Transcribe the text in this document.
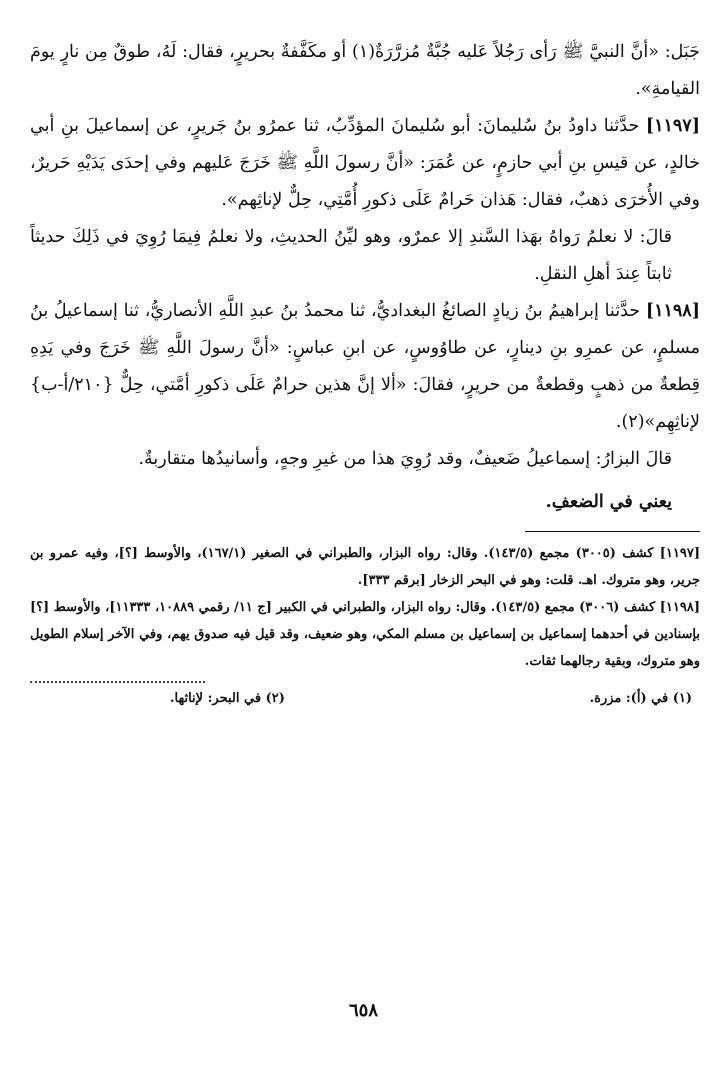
جَبَل: «أنَّ النبيَّ ﷺ رَأى رَجُلاً عَليه جُبَّةٌ مُزرَّرَةٌ(١) أو مكَفَّفةٌ بحريرٍ، فقال: لَهُ، طوقٌ مِن نارٍ يومَ القيامةِ».

[١١٩٧] حدَّثنا داودُ بنُ سُليمانَ: أبو سُليمانَ المؤدِّبُ، ثنا عمرُو بنُ جَريرٍ، عن إسماعيلَ بنِ أبي خالدٍ، عن قيسِ بنِ أبي حازمٍ، عن عُمَرَ: «أنَّ رسولَ اللَّهِ ﷺ خَرَجَ عَليهم وفي إحدَى يَدَيْهِ حَريرٌ، وفي الأُخرَى ذهبٌ، فقال: هَذان حَرامٌ عَلَى ذكورِ أُمَّتِي، حِلٌّ لإناثِهم».

قالَ: لا نعلمُ رَواهُ بهَذا السَّندِ إلا عمرٌو، وهو ليِّنُ الحديثِ، ولا نعلمُ فِيمَا رُوِيَ في ذَلِكَ حديثاً ثابتاً عِندَ أهلِ النقلِ.

[١١٩٨] حدَّثنا إبراهيمُ بنُ زيادٍ الصائغُ البغداديُّ، ثنا محمدُ بنُ عبدِ اللَّهِ الأنصاريُّ، ثنا إسماعيلُ بنُ مسلمٍ، عن عمرِو بنِ دينارٍ، عن طاوُوسٍ، عن ابنِ عباسٍ: «أنَّ رسولَ اللَّهِ ﷺ خَرَجَ وفي يَدِهِ قِطعةٌ من ذهبٍ وقطعةٌ من حريرٍ، فقالَ: «ألا إنَّ هذين حرامٌ عَلَى ذكورِ أمَّتي، حِلٌّ {٢١٠/أ-ب} لإناثِهِم»(٢).

قالَ البزارُ: إسماعيلُ ضَعيفٌ، وقد رُوِيَ هذا من غيرِ وجهٍ، وأسانيدُها متقاربةٌ.

يعني في الضعفِ.

[١١٩٧] كشف (٣٠٠٥) مجمع (١٤٣/٥). وقال: رواه البزار، والطبراني في الصغير (١٦٧/١)، والأوسط [؟]، وفيه عمرو بن جرير، وهو متروك. اهـ. قلت: وهو في البحر الزخار [برقم ٣٣٣].

[١١٩٨] كشف (٣٠٠٦) مجمع (١٤٣/٥). وقال: رواه البزار، والطبراني في الكبير [ج ١١/ رقمي ١٠٨٨٩، ١١٣٣٣]، والأوسط [؟] بإسنادين في أحدهما إسماعيل بن إسماعيل بن مسلم المكي، وهو ضعيف، وقد قيل فيه صدوق يهم، وفي الآخر إسلام الطويل وهو متروك، وبقية رجالهما ثقات.

(١) في (أ): مزرة.
(٢) في البحر: لإناثها.
٦٥٨
